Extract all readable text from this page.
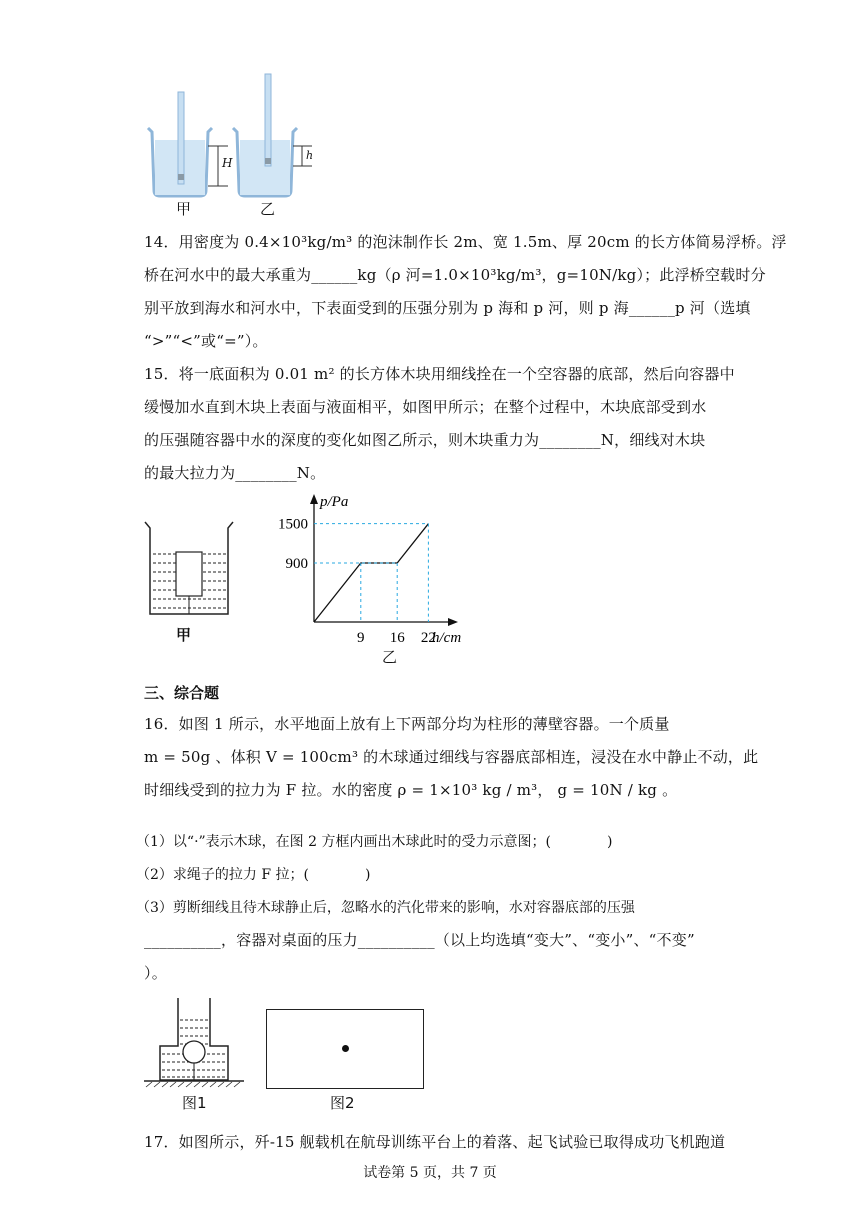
H
h
甲	乙
14．用密度为 0.4×10³kg/m³ 的泡沫制作长 2m、宽 1.5m、厚 20cm 的长方体简易浮桥。浮
桥在河水中的最大承重为______kg（ρ 河=1.0×10³kg/m³，g=10N/kg）；此浮桥空载时分
别平放到海水和河水中，下表面受到的压强分别为 p 海和 p 河，则 p 海______p 河（选填
“>”“<”或“=”）。
15．将一底面积为 0.01 m² 的长方体木块用细线拴在一个空容器的底部，然后向容器中
缓慢加水直到木块上表面与液面相平，如图甲所示；在整个过程中，木块底部受到水
的压强随容器中水的深度的变化如图乙所示，则木块重力为________N，细线对木块
的最大拉力为________N。
甲	9 16 22
900
1500
p/Pa
h/cm
乙
三、综合题
16．如图 1 所示，水平地面上放有上下两部分均为柱形的薄壁容器。一个质量
m = 50g 、体积 V = 100cm³ 的木球通过细线与容器底部相连，浸没在水中静止不动，此
时细线受到的拉力为 F 拉。水的密度 ρ = 1×10³ kg / m³， g = 10N / kg 。
（1）以“·”表示木球，在图 2 方框内画出木球此时的受力示意图；(　　　　)
（2）求绳子的拉力 F 拉；(　　　　)
（3）剪断细线且待木球静止后，忽略水的汽化带来的影响，水对容器底部的压强
__________，容器对桌面的压力__________（以上均选填“变大”、“变小”、“不变”
）。
图1	图2
17．如图所示，歼-15 舰载机在航母训练平台上的着落、起飞试验已取得成功飞机跑道
试卷第 5 页，共 7 页
